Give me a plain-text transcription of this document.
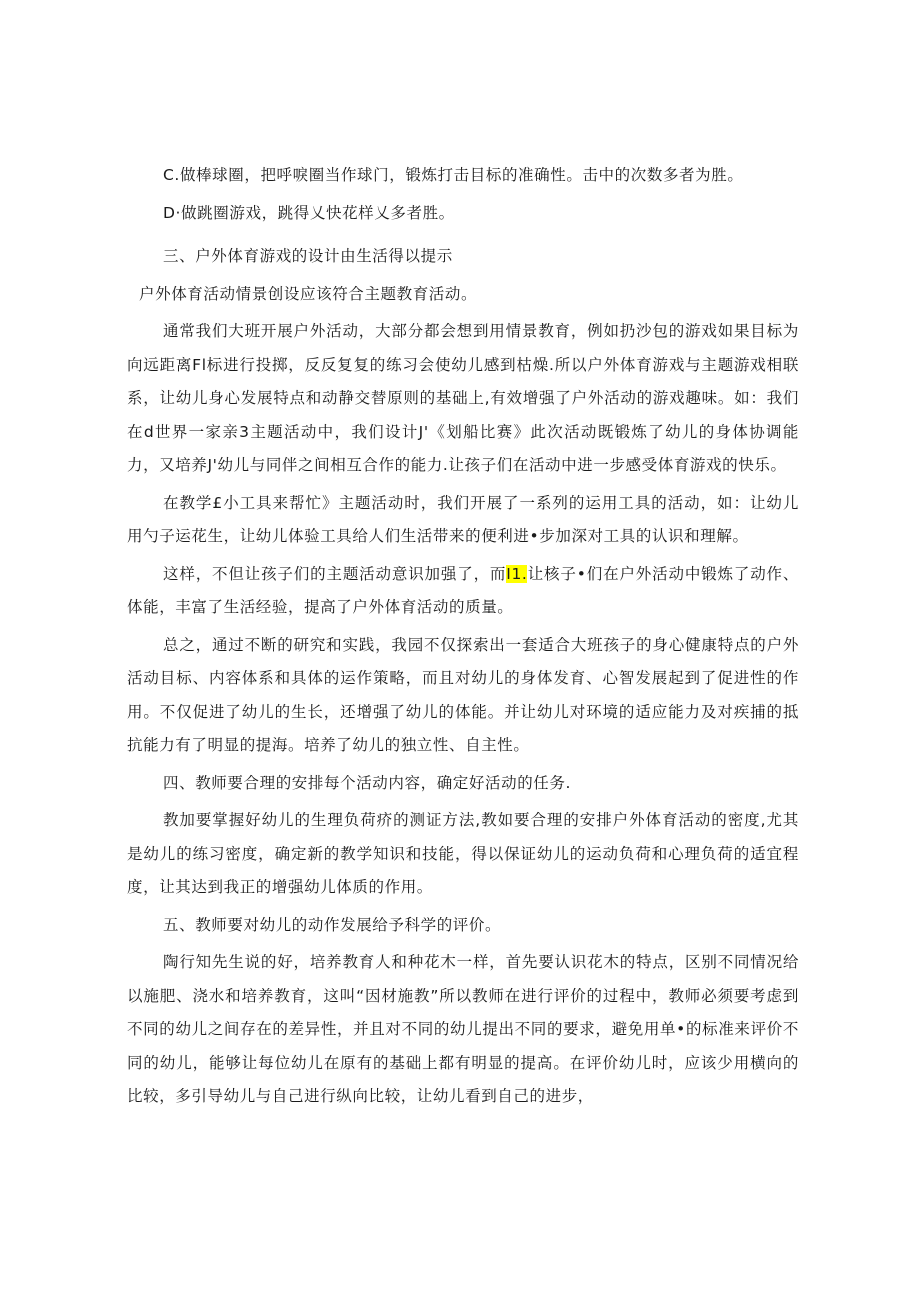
C.做棒球圈，把呼唳圈当作球门，锻炼打击目标的准确性。击中的次数多者为胜。

D·做跳圈游戏，跳得乂快花样乂多者胜。

三、户外体育游戏的设计由生活得以提示

户外体育活动情景创设应该符合主题教育活动。

通常我们大班开展户外活动，大部分都会想到用情景教育，例如扔沙包的游戏如果目标为向远距离Fl标进行投掷，反反复复的练习会使幼儿感到枯燥.所以户外体育游戏与主题游戏相联系，让幼儿身心发展特点和动静交替原则的基础上,有效增强了户外活动的游戏趣味。如：我们在d世界一家亲3主题活动中，我们设计J'《划船比赛》此次活动既锻炼了幼儿的身体协调能力，又培养J'幼儿与同伴之间相互合作的能力.让孩子们在活动中进一步感受体育游戏的快乐。

在教学£小工具来帮忙》主题活动时，我们开展了一系列的运用工具的活动，如：让幼儿用勺子运花生，让幼儿体验工具给人们生活带来的便利进•步加深对工具的认识和理解。

这样，不但让孩子们的主题活动意识加强了，而I1.让核子•们在户外活动中锻炼了动作、体能，丰富了生活经验，提高了户外体育活动的质量。

总之，通过不断的研究和实践，我园不仅探索出一套适合大班孩子的身心健康特点的户外活动目标、内容体系和具体的运作策略，而且对幼儿的身体发育、心智发展起到了促进性的作用。不仅促进了幼儿的生长，还增强了幼儿的体能。并让幼儿对环境的适应能力及对疾捕的抵抗能力有了明显的提海。培养了幼儿的独立性、自主性。

四、教师要合理的安排每个活动内容，确定好活动的任务.

教加要掌握好幼儿的生理负荷疥的测证方法,教如要合理的安排户外体育活动的密度,尤其是幼儿的练习密度，确定新的教学知识和技能，得以保证幼儿的运动负荷和心理负荷的适宜程度，让其达到我正的增强幼儿体质的作用。

五、教师要对幼儿的动作发展给予科学的评价。

陶行知先生说的好，培养教育人和种花木一样，首先要认识花木的特点，区别不同情况给以施肥、浇水和培养教育，这叫“因材施教”所以教师在进行评价的过程中，教师必须要考虑到不同的幼儿之间存在的差异性，并且对不同的幼儿提出不同的要求，避免用单•的标准来评价不同的幼儿，能够让每位幼儿在原有的基础上都有明显的提高。在评价幼儿时，应该少用横向的比较，多引导幼儿与自己进行纵向比较，让幼儿看到自己的进步，
